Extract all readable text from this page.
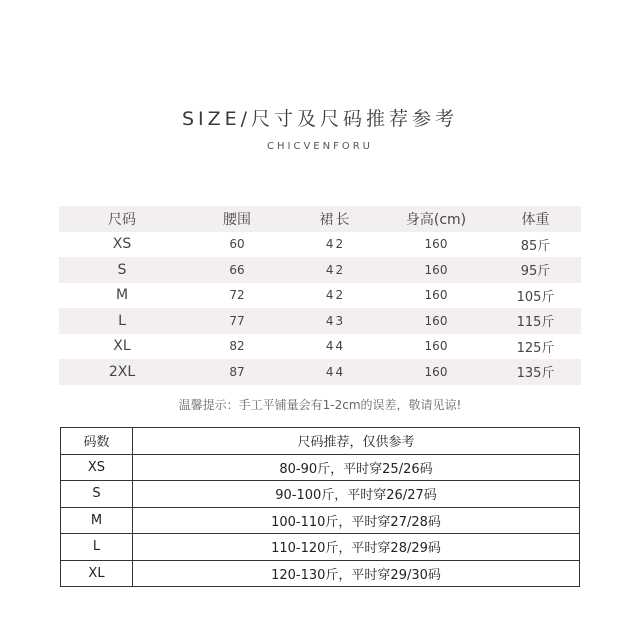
SIZE/尺寸及尺码推荐参考
CHICVENFORU
尺码	腰围	裙长	身高(cm)	体重
XS	60	42	160	85斤
S	66	42	160	95斤
M	72	42	160	105斤
L	77	43	160	115斤
XL	82	44	160	125斤
2XL	87	44	160	135斤
温馨提示：手工平铺量会有1-2cm的误差，敬请见谅!
码数	尺码推荐，仅供参考
XS	80-90斤，平时穿25/26码
S	90-100斤，平时穿26/27码
M	100-110斤，平时穿27/28码
L	110-120斤，平时穿28/29码
XL	120-130斤，平时穿29/30码
